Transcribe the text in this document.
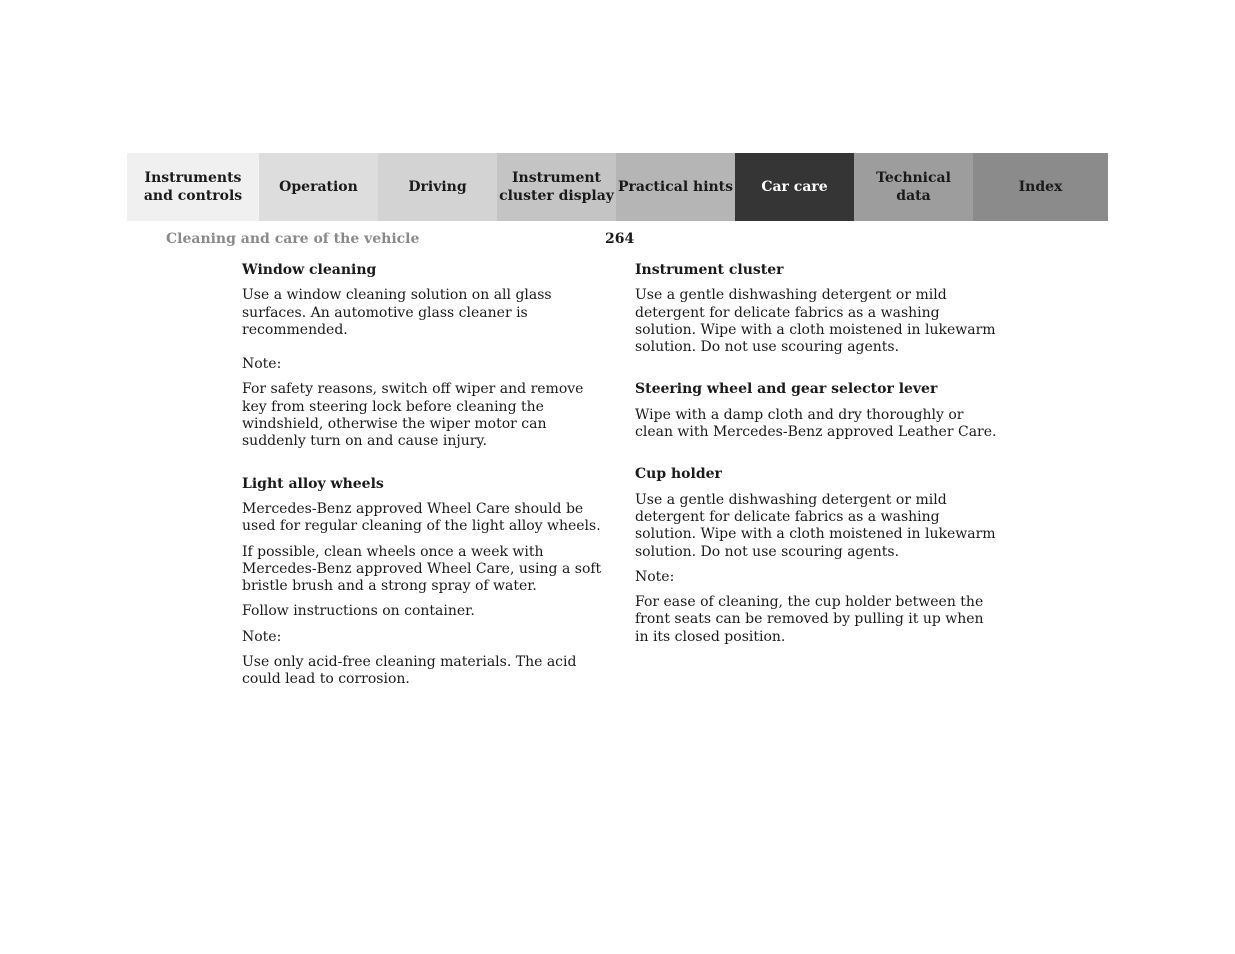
Instruments
and controls
Operation	Driving
Instrument
cluster display
Practical hints Car care
Technical
data
Index
Cleaning and care of the vehicle	264
Window cleaning

Use a window cleaning solution on all glass surfaces. An automotive glass cleaner is recommended.

Note:

For safety reasons, switch off wiper and remove key from steering lock before cleaning the windshield, otherwise the wiper motor can suddenly turn on and cause injury.

Light alloy wheels

Mercedes-Benz approved Wheel Care should be used for regular cleaning of the light alloy wheels.

If possible, clean wheels once a week with Mercedes-Benz approved Wheel Care, using a soft bristle brush and a strong spray of water.

Follow instructions on container.

Note:

Use only acid-free cleaning materials. The acid could lead to corrosion.

Instrument cluster

Use a gentle dishwashing detergent or mild detergent for delicate fabrics as a washing solution. Wipe with a cloth moistened in lukewarm solution. Do not use scouring agents.

Steering wheel and gear selector lever

Wipe with a damp cloth and dry thoroughly or clean with Mercedes-Benz approved Leather Care.

Cup holder

Use a gentle dishwashing detergent or mild detergent for delicate fabrics as a washing solution. Wipe with a cloth moistened in lukewarm solution. Do not use scouring agents.

Note:

For ease of cleaning, the cup holder between the front seats can be removed by pulling it up when in its closed position.
